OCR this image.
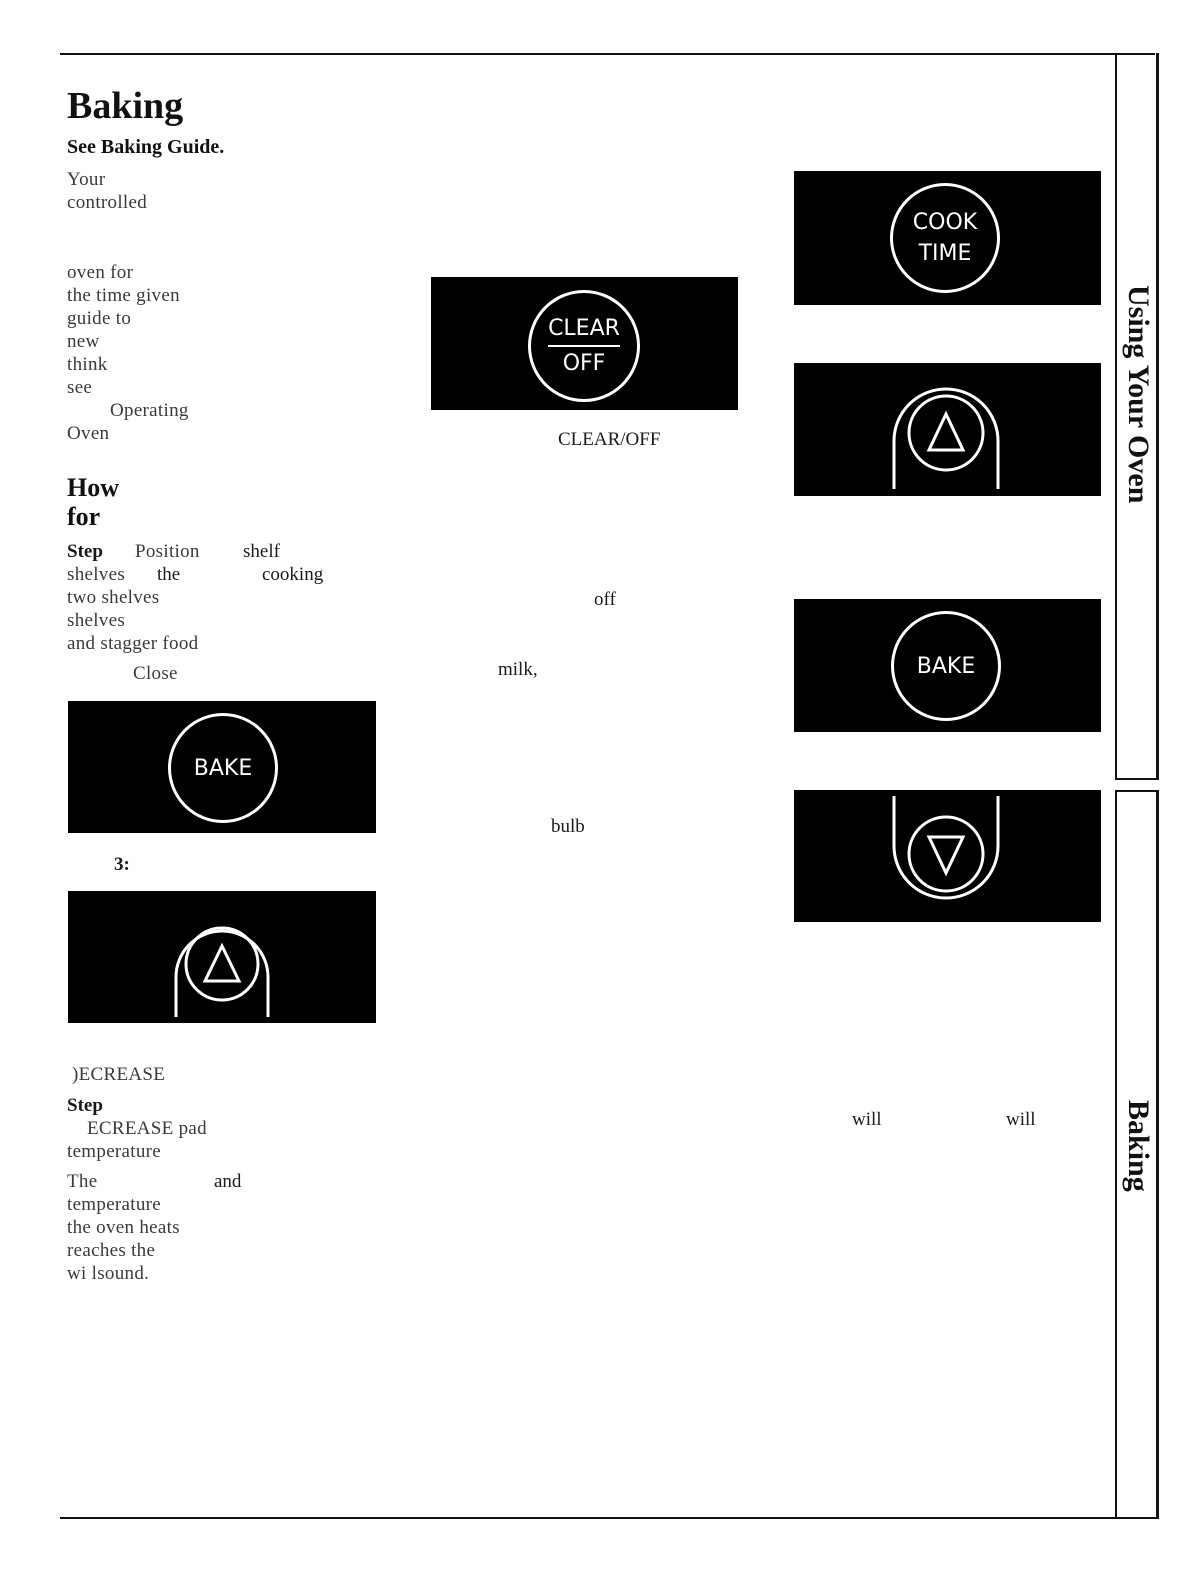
Baking
See Baking Guide.
Your
controlled
oven for
the time given
guide to
new
think
see
Operating
Oven
How
for
Step Position shelf
shelves the	cooking
two shelves
shelves
and stagger food
Close
BAKE
3:
)ECREASE
Step
ECREASE pad
temperature
The	and
temperature
the oven heats
reaches the
wi lsound.
CLEAR
OFF
CLEAR/OFF
off
milk,
bulb
COOK
TIME
BAKE
will	will
Using Your Oven
Baking
